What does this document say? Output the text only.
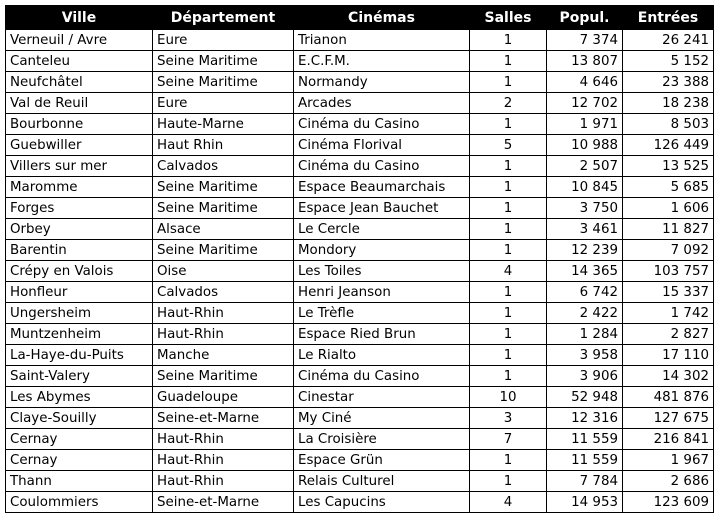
Ville	Département	Cinémas	Salles	Popul.	Entrées
Verneuil / Avre	Eure	Trianon	1	7 374	26 241
Canteleu	Seine Maritime	E.C.F.M.	1	13 807	5 152
Neufchâtel	Seine Maritime	Normandy	1	4 646	23 388
Val de Reuil	Eure	Arcades	2	12 702	18 238
Bourbonne	Haute-Marne	Cinéma du Casino	1	1 971	8 503
Guebwiller	Haut Rhin	Cinéma Florival	5	10 988	126 449
Villers sur mer	Calvados	Cinéma du Casino	1	2 507	13 525
Maromme	Seine Maritime	Espace Beaumarchais	1	10 845	5 685
Forges	Seine Maritime	Espace Jean Bauchet	1	3 750	1 606
Orbey	Alsace	Le Cercle	1	3 461	11 827
Barentin	Seine Maritime	Mondory	1	12 239	7 092
Crépy en Valois	Oise	Les Toiles	4	14 365	103 757
Honfleur	Calvados	Henri Jeanson	1	6 742	15 337
Ungersheim	Haut-Rhin	Le Trèfle	1	2 422	1 742
Muntzenheim	Haut-Rhin	Espace Ried Brun	1	1 284	2 827
La-Haye-du-Puits	Manche	Le Rialto	1	3 958	17 110
Saint-Valery	Seine Maritime	Cinéma du Casino	1	3 906	14 302
Les Abymes	Guadeloupe	Cinestar	10	52 948	481 876
Claye-Souilly	Seine-et-Marne	My Ciné	3	12 316	127 675
Cernay	Haut-Rhin	La Croisière	7	11 559	216 841
Cernay	Haut-Rhin	Espace Grün	1	11 559	1 967
Thann	Haut-Rhin	Relais Culturel	1	7 784	2 686
Coulommiers	Seine-et-Marne	Les Capucins	4	14 953	123 609
